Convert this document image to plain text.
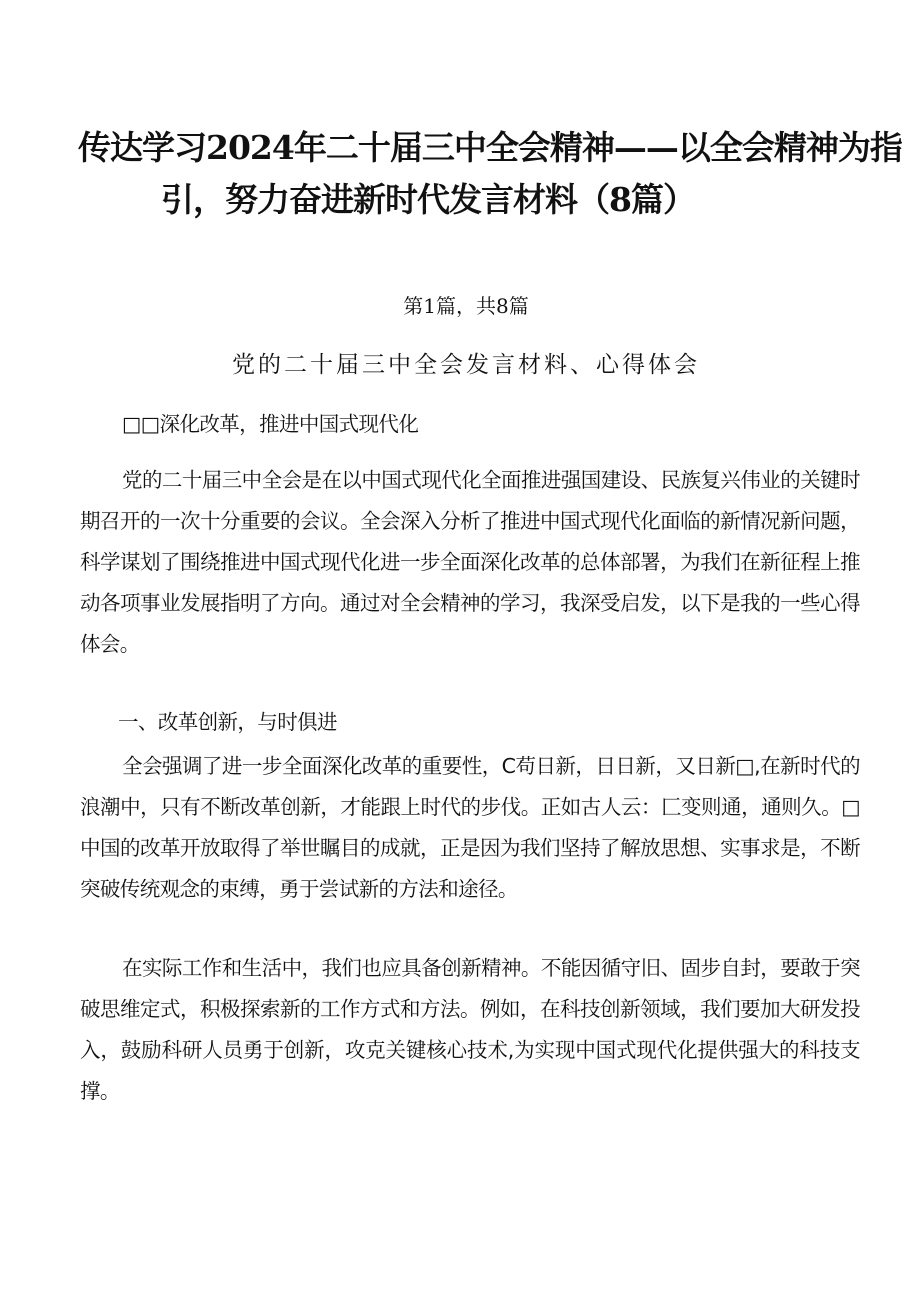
传达学习2024年二十届三中全会精神——以全会精神为指
引，努力奋进新时代发言材料（8篇）
第1篇，共8篇
党的二十届三中全会发言材料、心得体会

□□深化改革，推进中国式现代化

党的二十届三中全会是在以中国式现代化全面推进强国建设、民族复兴伟业的关键时期召开的一次十分重要的会议。全会深入分析了推进中国式现代化面临的新情况新问题，科学谋划了围绕推进中国式现代化进一步全面深化改革的总体部署，为我们在新征程上推动各项事业发展指明了方向。通过对全会精神的学习，我深受启发，以下是我的一些心得体会。

一、改革创新，与时俱进

全会强调了进一步全面深化改革的重要性，C苟日新，日日新，又日新□,在新时代的浪潮中，只有不断改革创新，才能跟上时代的步伐。正如古人云：匚变则通，通则久。□中国的改革开放取得了举世瞩目的成就，正是因为我们坚持了解放思想、实事求是，不断突破传统观念的束缚，勇于尝试新的方法和途径。

在实际工作和生活中，我们也应具备创新精神。不能因循守旧、固步自封，要敢于突破思维定式，积极探索新的工作方式和方法。例如，在科技创新领域，我们要加大研发投入，鼓励科研人员勇于创新，攻克关键核心技术,为实现中国式现代化提供强大的科技支撑。
